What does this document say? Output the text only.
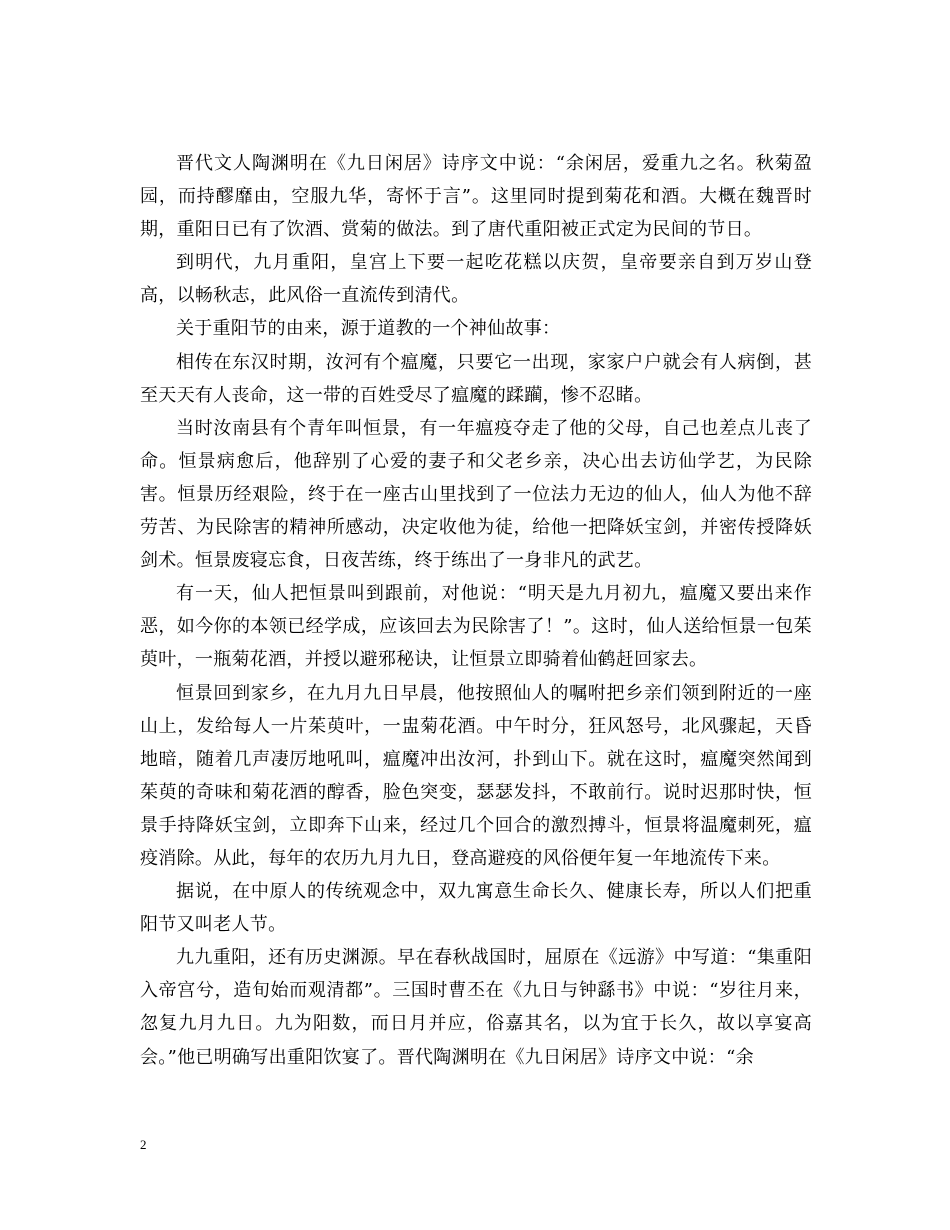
晋代文人陶渊明在《九日闲居》诗序文中说：“余闲居，爱重九之名。秋菊盈园，而持醪靡由，空服九华，寄怀于言”。这里同时提到菊花和酒。大概在魏晋时期，重阳日已有了饮酒、赏菊的做法。到了唐代重阳被正式定为民间的节日。

到明代，九月重阳，皇宫上下要一起吃花糕以庆贺，皇帝要亲自到万岁山登高，以畅秋志，此风俗一直流传到清代。

关于重阳节的由来，源于道教的一个神仙故事：

相传在东汉时期，汝河有个瘟魔，只要它一出现，家家户户就会有人病倒，甚至天天有人丧命，这一带的百姓受尽了瘟魔的蹂躏，惨不忍睹。

当时汝南县有个青年叫恒景，有一年瘟疫夺走了他的父母，自己也差点儿丧了命。恒景病愈后，他辞别了心爱的妻子和父老乡亲，决心出去访仙学艺，为民除害。恒景历经艰险，终于在一座古山里找到了一位法力无边的仙人，仙人为他不辞劳苦、为民除害的精神所感动，决定收他为徒，给他一把降妖宝剑，并密传授降妖剑术。恒景废寝忘食，日夜苦练，终于练出了一身非凡的武艺。

有一天，仙人把恒景叫到跟前，对他说：“明天是九月初九，瘟魔又要出来作恶，如今你的本领已经学成，应该回去为民除害了！”。这时，仙人送给恒景一包茱萸叶，一瓶菊花酒，并授以避邪秘诀，让恒景立即骑着仙鹤赶回家去。

恒景回到家乡，在九月九日早晨，他按照仙人的嘱咐把乡亲们领到附近的一座山上，发给每人一片茱萸叶，一盅菊花酒。中午时分，狂风怒号，北风骤起，天昏地暗，随着几声凄厉地吼叫，瘟魔冲出汝河，扑到山下。就在这时，瘟魔突然闻到茱萸的奇味和菊花酒的醇香，脸色突变，瑟瑟发抖，不敢前行。说时迟那时快，恒景手持降妖宝剑，立即奔下山来，经过几个回合的激烈搏斗，恒景将温魔刺死，瘟疫消除。从此，每年的农历九月九日，登高避疫的风俗便年复一年地流传下来。

据说，在中原人的传统观念中，双九寓意生命长久、健康长寿，所以人们把重阳节又叫老人节。

九九重阳，还有历史渊源。早在春秋战国时，屈原在《远游》中写道：“集重阳入帝宫兮，造旬始而观清都”。三国时曹丕在《九日与钟繇书》中说：“岁往月来，忽复九月九日。九为阳数，而日月并应，俗嘉其名，以为宜于长久，故以享宴高会。”他已明确写出重阳饮宴了。晋代陶渊明在《九日闲居》诗序文中说：“余

2
